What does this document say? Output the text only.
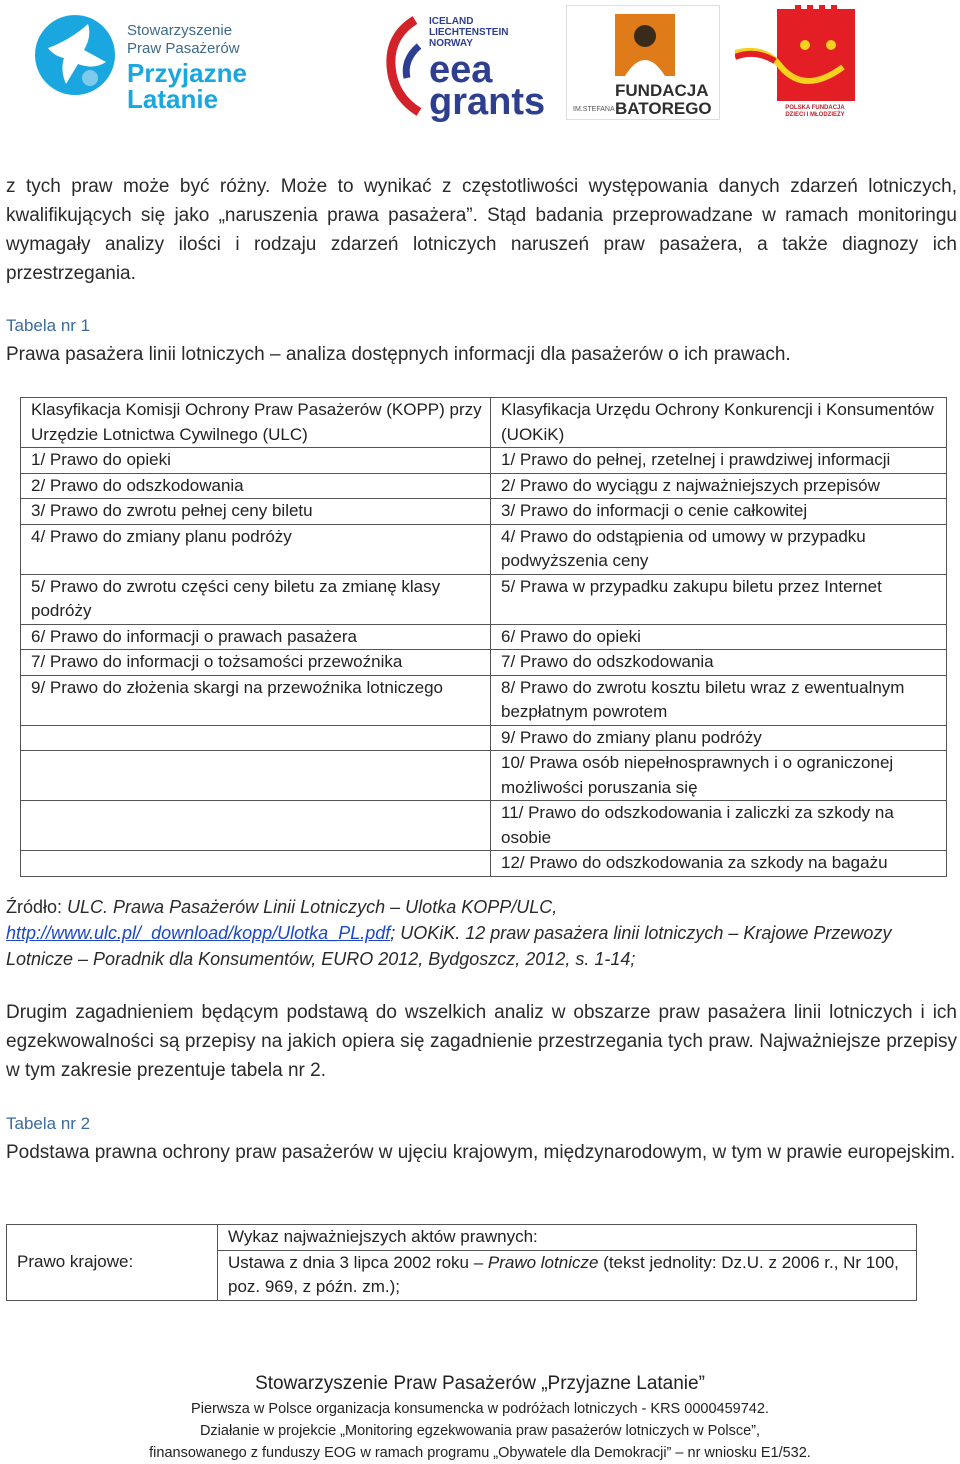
Stowarzyszenie
Praw Pasażerów
Przyjazne
Latanie
ICELAND
LIECHTENSTEIN
NORWAY
eea
grants	FUNDACJA
BATOREGO
IM.STEFANA	POLSKA FUNDACJA
DZIECI I MŁODZIEŻY
z tych praw może być różny. Może to wynikać z częstotliwości występowania danych zdarzeń lotniczych, kwalifikujących się jako „naruszenia prawa pasażera”. Stąd badania przeprowadzane w ramach monitoringu wymagały analizy ilości i rodzaju zdarzeń lotniczych naruszeń praw pasażera, a także diagnozy ich przestrzegania.
Tabela nr 1
Prawa pasażera linii lotniczych – analiza dostępnych informacji dla pasażerów o ich prawach.
Klasyfikacja Komisji Ochrony Praw Pasażerów (KOPP) przy Urzędzie Lotnictwa Cywilnego (ULC)	Klasyfikacja Urzędu Ochrony Konkurencji i Konsumentów (UOKiK)
1/ Prawo do opieki	1/ Prawo do pełnej, rzetelnej i prawdziwej informacji
2/ Prawo do odszkodowania	2/ Prawo do wyciągu z najważniejszych przepisów
3/ Prawo do zwrotu pełnej ceny biletu	3/ Prawo do informacji o cenie całkowitej
4/ Prawo do zmiany planu podróży	4/ Prawo do odstąpienia od umowy w przypadku podwyższenia ceny
5/ Prawo do zwrotu części ceny biletu za zmianę klasy podróży	5/ Prawa w przypadku zakupu biletu przez Internet
6/ Prawo do informacji o prawach pasażera	6/ Prawo do opieki
7/ Prawo do informacji o tożsamości przewoźnika	7/ Prawo do odszkodowania
9/ Prawo do złożenia skargi na przewoźnika lotniczego	8/ Prawo do zwrotu kosztu biletu wraz z ewentualnym bezpłatnym powrotem
	9/ Prawo do zmiany planu podróży
	10/ Prawa osób niepełnosprawnych i o ograniczonej możliwości poruszania się
	11/ Prawo do odszkodowania i zaliczki za szkody na osobie
	12/ Prawo do odszkodowania za szkody na bagażu
Źródło: ULC. Prawa Pasażerów Linii Lotniczych – Ulotka KOPP/ULC,
http://www.ulc.pl/_download/kopp/Ulotka_PL.pdf; UOKiK. 12 praw pasażera linii lotniczych – Krajowe Przewozy Lotnicze – Poradnik dla Konsumentów, EURO 2012, Bydgoszcz, 2012, s. 1-14;
Drugim zagadnieniem będącym podstawą do wszelkich analiz w obszarze praw pasażera linii lotniczych i ich egzekwowalności są przepisy na jakich opiera się zagadnienie przestrzegania tych praw. Najważniejsze przepisy w tym zakresie prezentuje tabela nr 2.
Tabela nr 2
Podstawa prawna ochrony praw pasażerów w ujęciu krajowym, międzynarodowym, w tym w prawie europejskim.
Prawo krajowe:	Wykaz najważniejszych aktów prawnych:
Ustawa z dnia 3 lipca 2002 roku – Prawo lotnicze (tekst jednolity: Dz.U. z 2006 r., Nr 100, poz. 969, z późn. zm.);
Stowarzyszenie Praw Pasażerów „Przyjazne Latanie”
Pierwsza w Polsce organizacja konsumencka w podróżach lotniczych - KRS 0000459742.
Działanie w projekcie „Monitoring egzekwowania praw pasażerów lotniczych w Polsce”,
finansowanego z funduszy EOG w ramach programu „Obywatele dla Demokracji” – nr wniosku E1/532.
